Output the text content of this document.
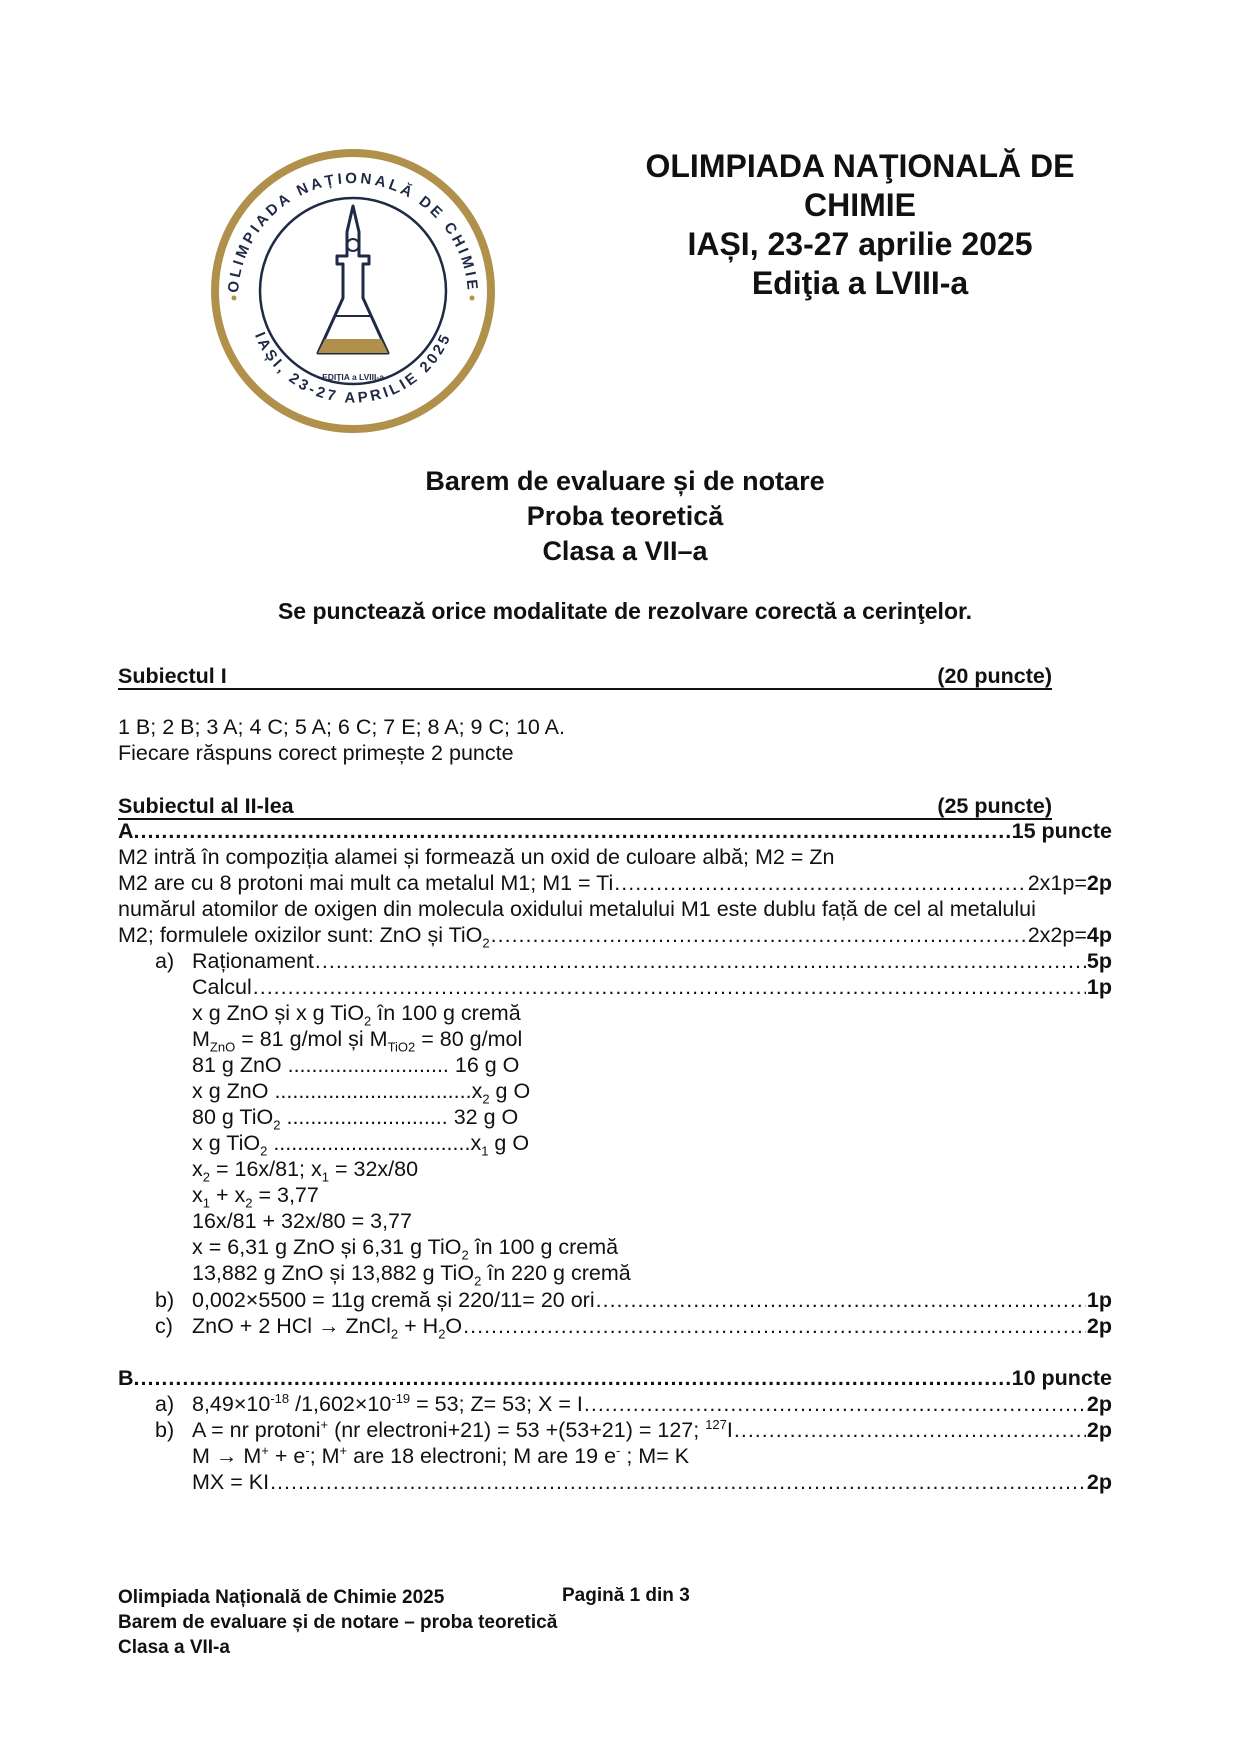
OLIMPIADA NAȚIONALĂ DE CHIMIE
IAȘI, 23-27 APRILIE 2025
EDIȚIA a LVIII-a
OLIMPIADA NAŢIONALĂ DE
CHIMIE
IAȘI, 23-27 aprilie 2025
Ediţia a LVIII-a
Barem de evaluare și de notare
Proba teoretică
Clasa a VII–a
Se punctează orice modalitate de rezolvare corectă a cerinţelor.
Subiectul I	(20 puncte)
1 B; 2 B; 3 A; 4 C; 5 A; 6 C; 7 E; 8 A; 9 C; 10 A.
Fiecare răspuns corect primește 2 puncte
Subiectul al II-lea	(25 puncte)
A. .....	15 puncte
M2 intră în compoziția alamei și formează un oxid de culoare albă; M2 = Zn
M2 are cu 8 protoni mai mult ca metalul M1; M1 = Ti .....	2x1p=2p
numărul atomilor de oxigen din molecula oxidului metalului M1 este dublu față de cel al metalului
M2; formulele oxizilor sunt: ZnO și TiO$_2$ .....	2x2p=4p
a) Raționament .....	5p
Calcul .....	1p
x g ZnO și x g TiO$_2$ în 100 g cremă
$M_{ZnO} = 81$ g/mol și $M_{TiO2} = 80$ g/mol
81 g ZnO ........................... 16 g O
x g ZnO $.................................x_2$ g O
80 g TiO$_2$ ........................... 32 g O
x g TiO$_2$ $.................................x_1$ g O
$x_2 = 16x/81$; $x_1 = 32x/80$
$x_1 + x_2 = 3,77$
16x/81 + 32x/80 = 3,77
x = 6,31 g ZnO și 6,31 g TiO$_2$ în 100 g cremă
13,882 g ZnO și 13,882 g TiO$_2$ în 220 g cremă
b) 0,002×5500 = 11g cremă și 220/11= 20 ori .....	1p
c) ZnO + 2 HCl → ZnCl$_2$ + $H_2O$ .....	2p
B. .....	10 puncte
a) $8,49\times 10^{-18}$ $/1,602\times 10^{-19} = 53$; Z= 53; X = I .....	2p
b) A = nr protoni+ (nr electroni+21) = 53 +(53+21) = 127; $^{127}$I .....	2p
M → M+ + e-; M+ are 18 electroni; M are 19 e- ; M= K
MX = KI .....	2p
Olimpiada Națională de Chimie 2025
Barem de evaluare și de notare – proba teoretică
Clasa a VII-a
Pagină 1 din 3
